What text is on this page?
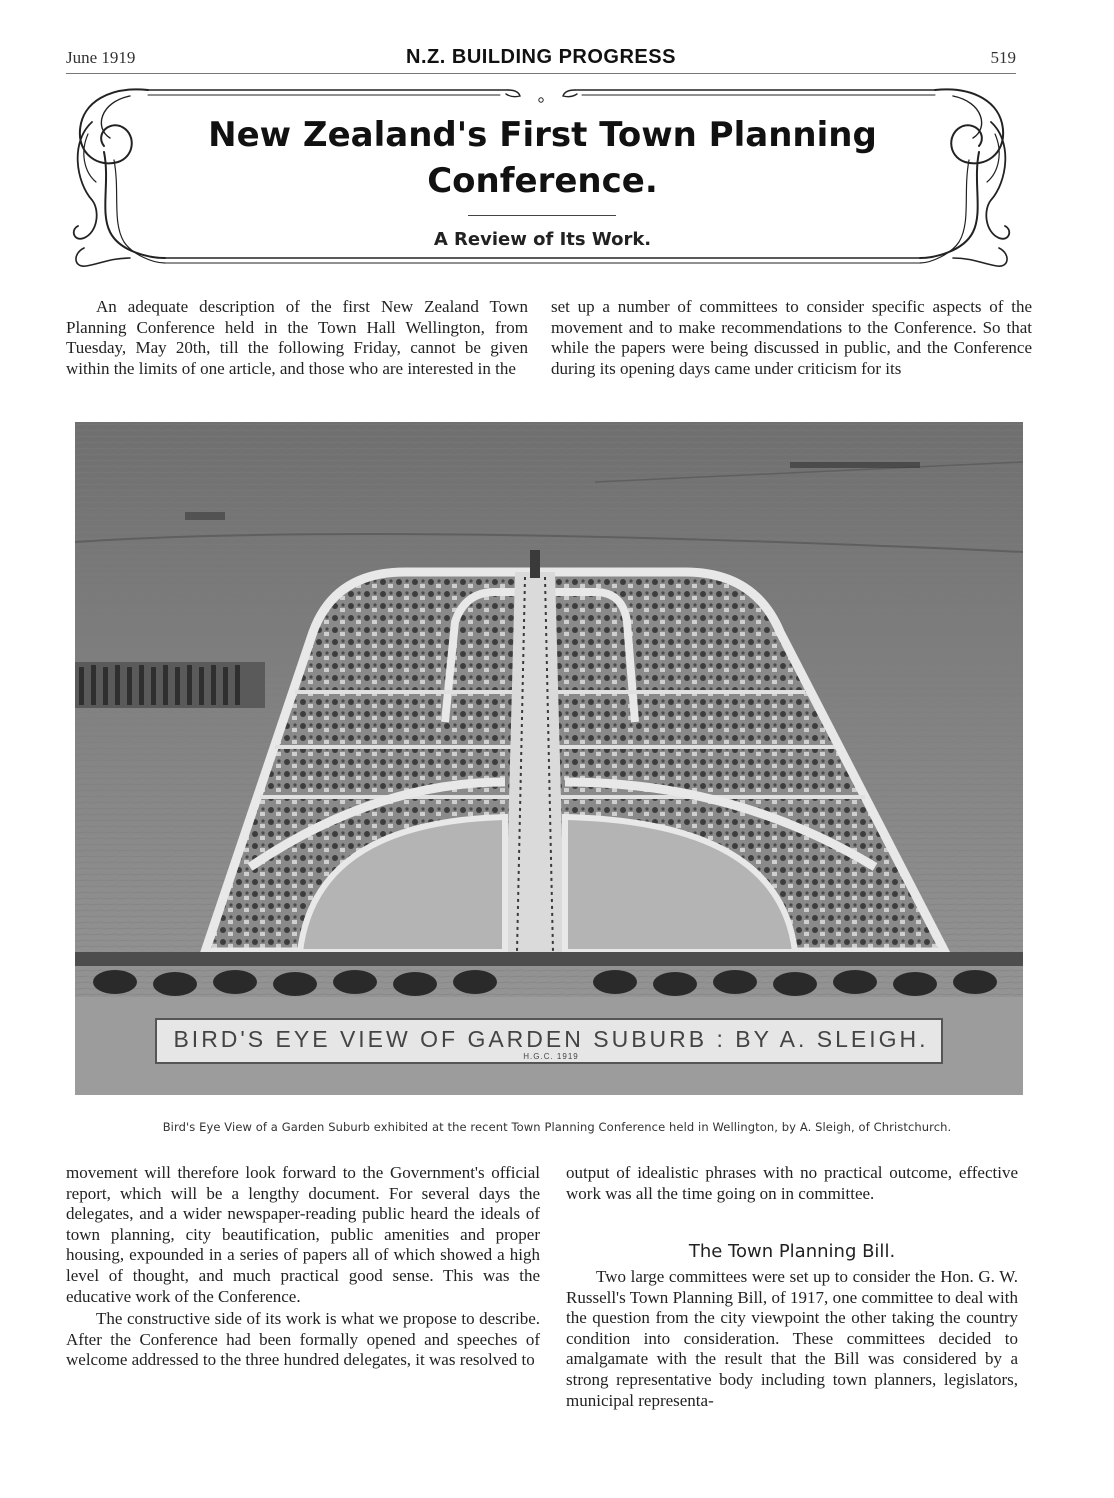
June 1919	N.Z. BUILDING PROGRESS	519
New Zealand's First Town Planning Conference.
A Review of Its Work.

An adequate description of the first New Zealand Town Planning Conference held in the Town Hall Wellington, from Tuesday, May 20th, till the following Friday, cannot be given within the limits of one article, and those who are interested in the

set up a number of committees to consider specific aspects of the movement and to make recommendations to the Conference. So that while the papers were being discussed in public, and the Conference during its opening days came under criticism for its

BIRD'S EYE VIEW OF GARDEN SUBURB : BY A. SLEIGH.
H.G.C. 1919
Bird's Eye View of a Garden Suburb exhibited at the recent Town Planning Conference held in Wellington, by A. Sleigh, of Christchurch.

movement will therefore look forward to the Government's official report, which will be a lengthy document. For several days the delegates, and a wider newspaper-reading public heard the ideals of town planning, city beautification, public amenities and proper housing, expounded in a series of papers all of which showed a high level of thought, and much practical good sense. This was the educative work of the Conference.

The constructive side of its work is what we propose to describe. After the Conference had been formally opened and speeches of welcome addressed to the three hundred delegates, it was resolved to

output of idealistic phrases with no practical outcome, effective work was all the time going on in committee.

The Town Planning Bill.

Two large committees were set up to consider the Hon. G. W. Russell's Town Planning Bill, of 1917, one committee to deal with the question from the city viewpoint the other taking the country condition into consideration. These committees decided to amalgamate with the result that the Bill was considered by a strong representative body including town planners, legislators, municipal representa-
